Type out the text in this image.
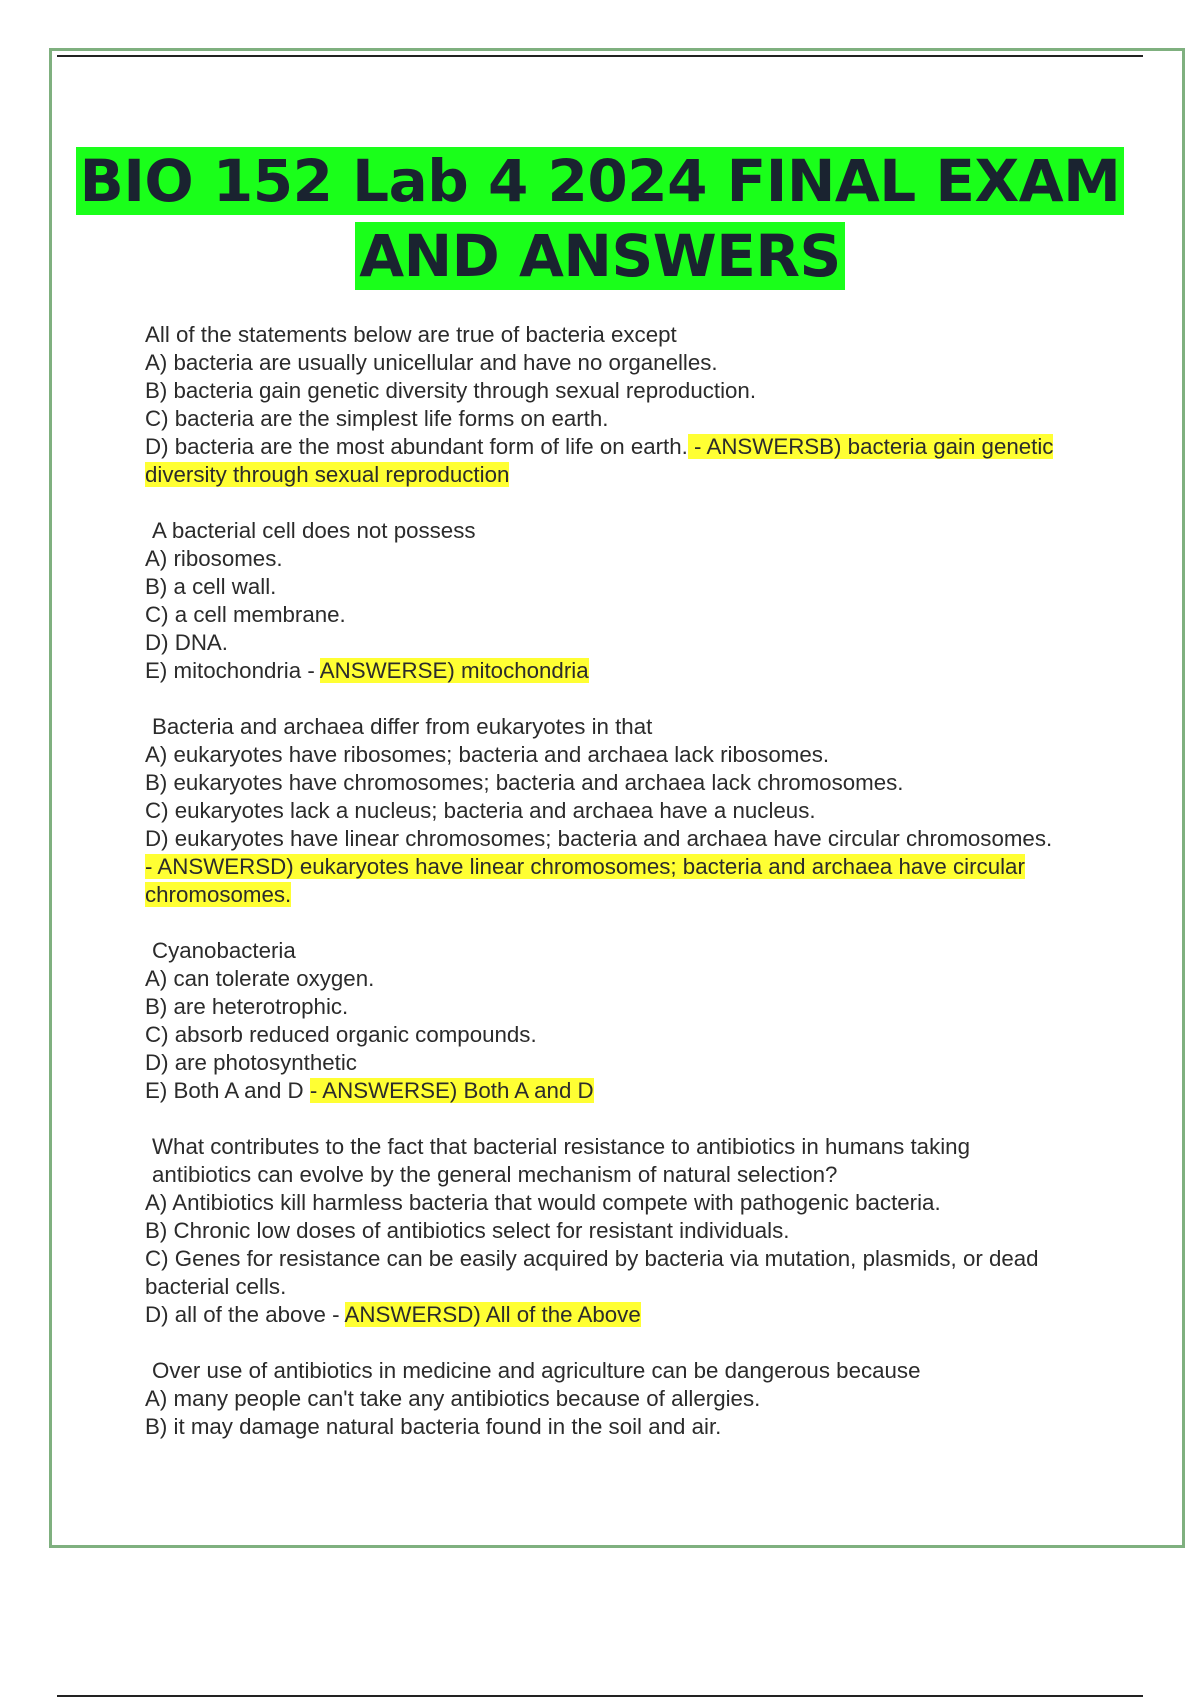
BIO 152 Lab 4 2024 FINAL EXAM
AND ANSWERS
All of the statements below are true of bacteria except
A) bacteria are usually unicellular and have no organelles.
B) bacteria gain genetic diversity through sexual reproduction.
C) bacteria are the simplest life forms on earth.
D) bacteria are the most abundant form of life on earth. - ANSWERSB) bacteria gain genetic diversity through sexual reproduction
A bacterial cell does not possess
A) ribosomes.
B) a cell wall.
C) a cell membrane.
D) DNA.
E) mitochondria - ANSWERSE) mitochondria
Bacteria and archaea differ from eukaryotes in that
A) eukaryotes have ribosomes; bacteria and archaea lack ribosomes.
B) eukaryotes have chromosomes; bacteria and archaea lack chromosomes.
C) eukaryotes lack a nucleus; bacteria and archaea have a nucleus.
D) eukaryotes have linear chromosomes; bacteria and archaea have circular chromosomes. - ANSWERSD) eukaryotes have linear chromosomes; bacteria and archaea have circular chromosomes.
Cyanobacteria
A) can tolerate oxygen.
B) are heterotrophic.
C) absorb reduced organic compounds.
D) are photosynthetic
E) Both A and D - ANSWERSE) Both A and D
What contributes to the fact that bacterial resistance to antibiotics in humans taking antibiotics can evolve by the general mechanism of natural selection?
A) Antibiotics kill harmless bacteria that would compete with pathogenic bacteria.
B) Chronic low doses of antibiotics select for resistant individuals.
C) Genes for resistance can be easily acquired by bacteria via mutation, plasmids, or dead bacterial cells.
D) all of the above - ANSWERSD) All of the Above
Over use of antibiotics in medicine and agriculture can be dangerous because
A) many people can't take any antibiotics because of allergies.
B) it may damage natural bacteria found in the soil and air.
